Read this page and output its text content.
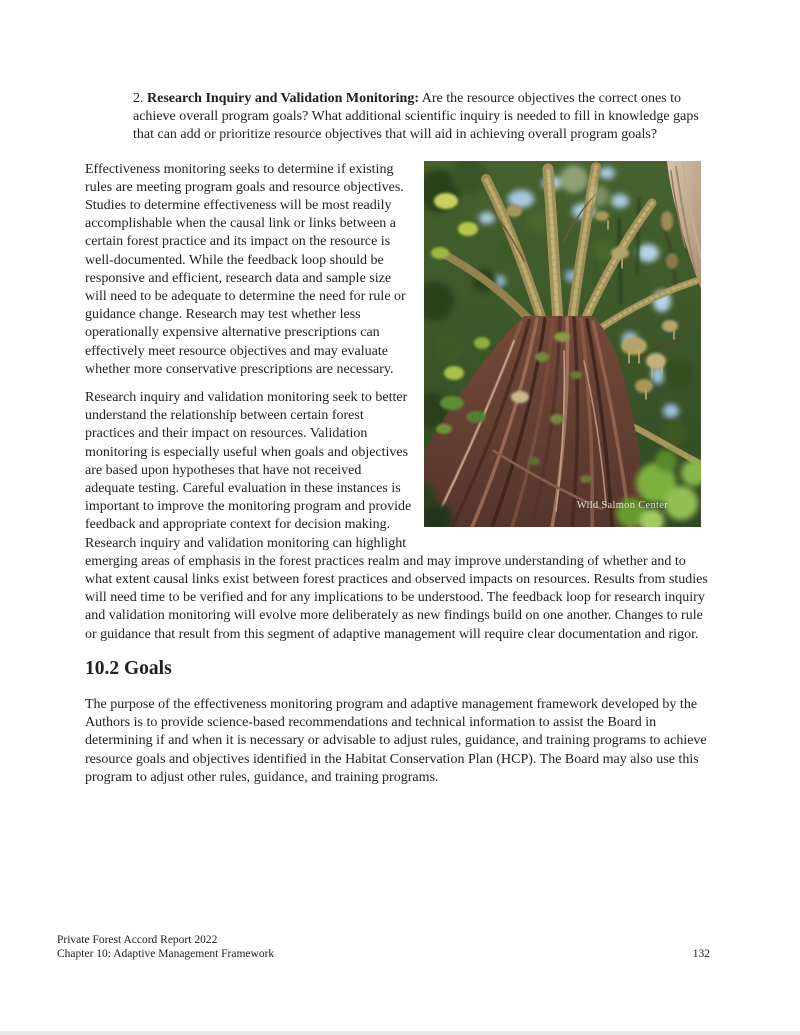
2. Research Inquiry and Validation Monitoring: Are the resource objectives the correct ones to achieve overall program goals? What additional scientific inquiry is needed to fill in knowledge gaps that can add or prioritize resource objectives that will aid in achieving overall program goals?

Wild Salmon Center

Effectiveness monitoring seeks to determine if existing rules are meeting program goals and resource objectives. Studies to determine effectiveness will be most readily accomplishable when the causal link or links between a certain forest practice and its impact on the resource is well-documented. While the feedback loop should be responsive and efficient, research data and sample size will need to be adequate to determine the need for rule or guidance change. Research may test whether less operationally expensive alternative prescriptions can effectively meet resource objectives and may evaluate whether more conservative prescriptions are necessary.

Research inquiry and validation monitoring seek to better understand the relationship between certain forest practices and their impact on resources. Validation monitoring is especially useful when goals and objectives are based upon hypotheses that have not received adequate testing. Careful evaluation in these instances is important to improve the monitoring program and provide feedback and appropriate context for decision making. Research inquiry and validation monitoring can highlight emerging areas of emphasis in the forest practices realm and may improve understanding of whether and to what extent causal links exist between forest practices and observed impacts on resources. Results from studies will need time to be verified and for any implications to be understood. The feedback loop for research inquiry and validation monitoring will evolve more deliberately as new findings build on one another. Changes to rule or guidance that result from this segment of adaptive management will require clear documentation and rigor.

10.2 Goals

The purpose of the effectiveness monitoring program and adaptive management framework developed by the Authors is to provide science-based recommendations and technical information to assist the Board in determining if and when it is necessary or advisable to adjust rules, guidance, and training programs to achieve resource goals and objectives identified in the Habitat Conservation Plan (HCP). The Board may also use this program to adjust other rules, guidance, and training programs.

Private Forest Accord Report 2022
Chapter 10: Adaptive Management Framework	132
